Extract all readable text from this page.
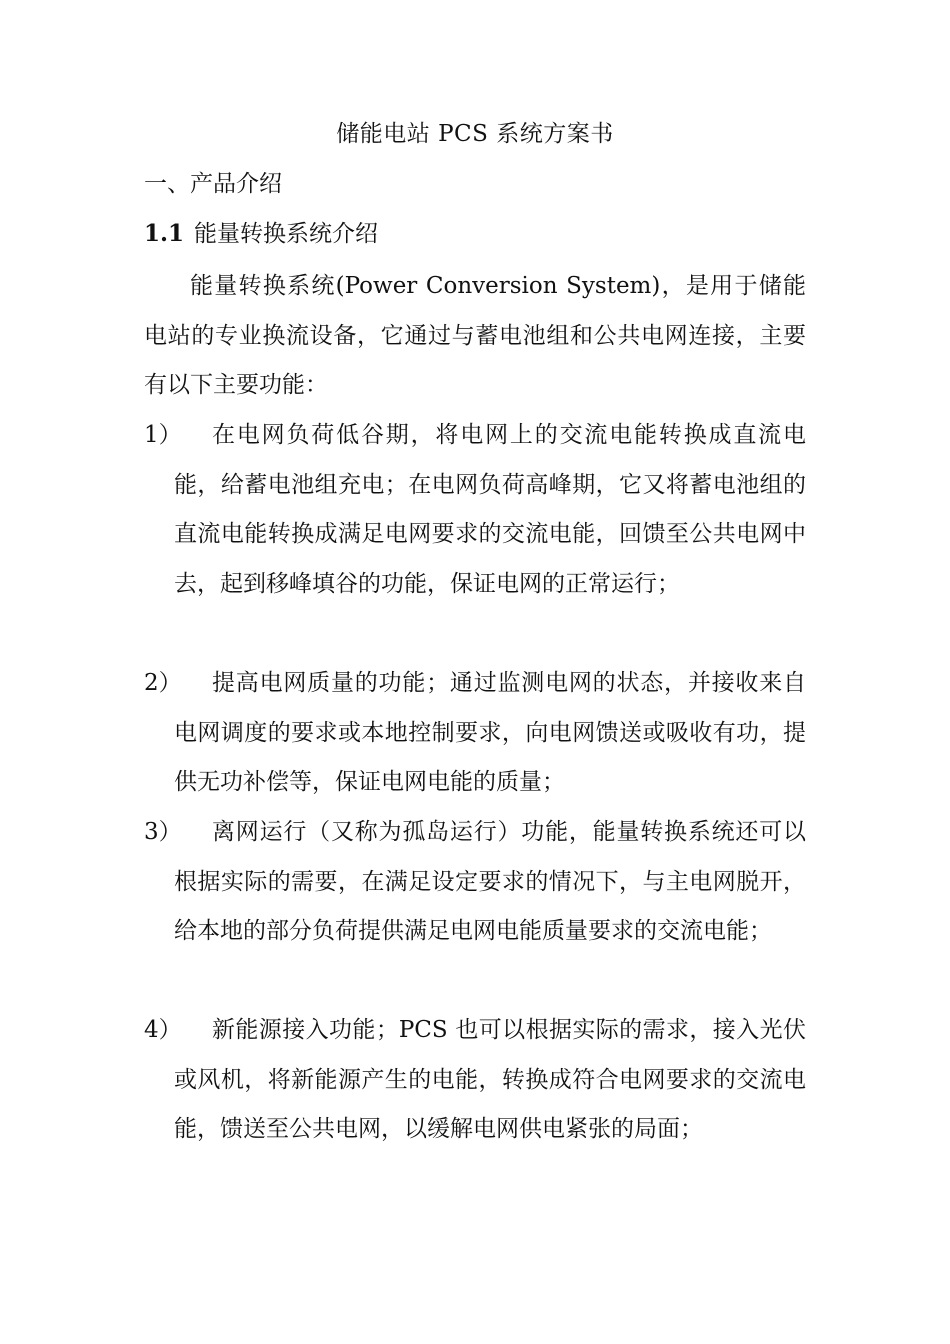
储能电站 PCS 系统方案书
一、产品介绍
1.1 能量转换系统介绍
能量转换系统(Power Conversion System)，是用于储能电站的专业换流设备，它通过与蓄电池组和公共电网连接，主要有以下主要功能：
1）	在电网负荷低谷期，将电网上的交流电能转换成直流电能，给蓄电池组充电；在电网负荷高峰期，它又将蓄电池组的直流电能转换成满足电网要求的交流电能，回馈至公共电网中去，起到移峰填谷的功能，保证电网的正常运行；
2）	提高电网质量的功能；通过监测电网的状态，并接收来自电网调度的要求或本地控制要求，向电网馈送或吸收有功，提供无功补偿等，保证电网电能的质量；
3）	离网运行（又称为孤岛运行）功能，能量转换系统还可以根据实际的需要，在满足设定要求的情况下，与主电网脱开，给本地的部分负荷提供满足电网电能质量要求的交流电能；
4）	新能源接入功能；PCS 也可以根据实际的需求，接入光伏或风机，将新能源产生的电能，转换成符合电网要求的交流电能，馈送至公共电网，以缓解电网供电紧张的局面；
